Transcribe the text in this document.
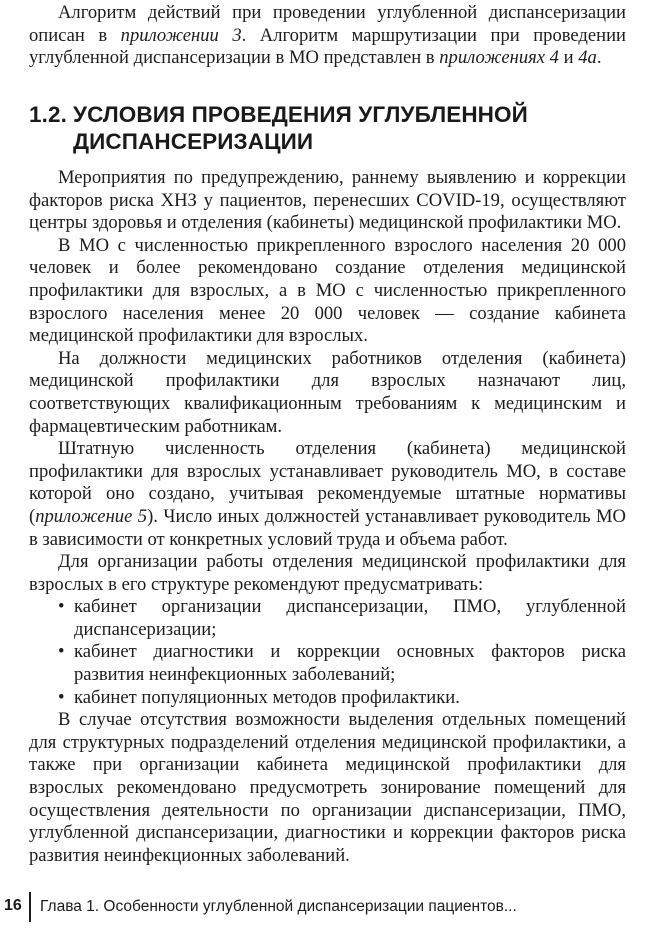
Алгоритм действий при проведении углубленной диспансеризации описан в приложении 3. Алгоритм маршрутизации при проведении углубленной диспансеризации в МО представлен в приложениях 4 и 4а.

1.2. УСЛОВИЯ ПРОВЕДЕНИЯ УГЛУБЛЕННОЙ
ДИСПАНСЕРИЗАЦИИ

Мероприятия по предупреждению, раннему выявлению и коррекции факторов риска ХНЗ у пациентов, перенесших COVID-19, осуществляют центры здоровья и отделения (кабинеты) медицинской профилактики МО.

В МО с численностью прикрепленного взрослого населения 20 000 человек и более рекомендовано создание отделения медицинской профилактики для взрослых, а в МО с численностью прикрепленного взрослого населения менее 20 000 человек — создание кабинета медицинской профилактики для взрослых.

На должности медицинских работников отделения (кабинета) медицинской профилактики для взрослых назначают лиц, соответствующих квалификационным требованиям к медицинским и фармацевтическим работникам.

Штатную численность отделения (кабинета) медицинской профилактики для взрослых устанавливает руководитель МО, в составе которой оно создано, учитывая рекомендуемые штатные нормативы (приложение 5). Число иных должностей устанавливает руководитель МО в зависимости от конкретных условий труда и объема работ.

Для организации работы отделения медицинской профилактики для взрослых в его структуре рекомендуют предусматривать:

• кабинет организации диспансеризации, ПМО, углубленной диспансеризации;
• кабинет диагностики и коррекции основных факторов риска развития неинфекционных заболеваний;
• кабинет популяционных методов профилактики.

В случае отсутствия возможности выделения отдельных помещений для структурных подразделений отделения медицинской профилактики, а также при организации кабинета медицинской профилактики для взрослых рекомендовано предусмотреть зонирование помещений для осуществления деятельности по организации диспансеризации, ПМО, углубленной диспансеризации, диагностики и коррекции факторов риска развития неинфекционных заболеваний.

16 Глава 1. Особенности углубленной диспансеризации пациентов...
